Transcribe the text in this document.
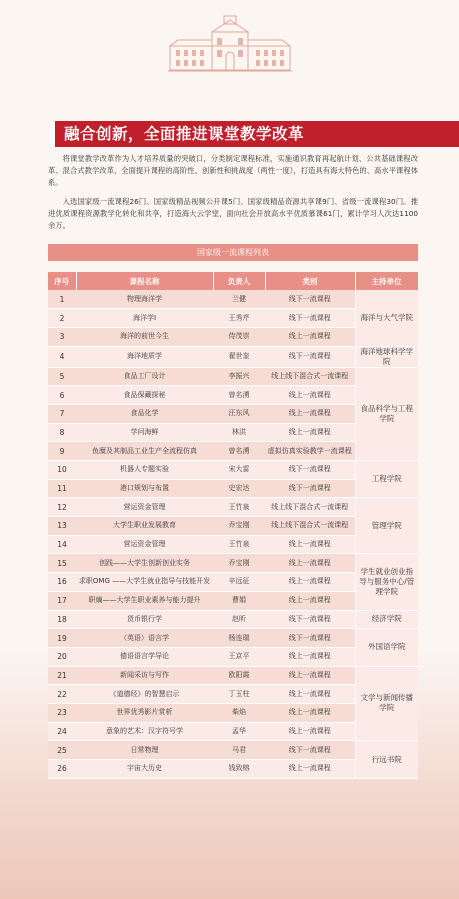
融合创新，全面推进课堂教学改革

将课堂教学改革作为人才培养质量的突破口，分类制定课程标准，实施通识教育再起航计划、公共基础课程改革、混合式教学改革，全面提升课程的高阶性、创新性和挑战度（两性一度），打造具有海大特色的、高水平课程体系。

入选国家级一流课程26门、国家级精品视频公开课5门、国家级精品资源共享课9门、省级一流课程30门。推进优质课程资源教学化转化和共享，打造海大云学堂，面向社会开放高水平优质慕课61门，累计学习人次达1100余万。

国家级一流课程列表
序号	课程名称	负责人	类别	主持单位
1	物理海洋学	兰健	线下一流课程	海洋与大气学院
2	海洋学I	王秀芹	线下一流课程	
3	海洋的前世今生	侍茂崇	线上一流课程	
4	海洋地质学	翟世奎	线下一流课程	海洋地球科学学院
5	食品工厂设计	李振兴	线上线下混合式一流课程	食品科学与工程学院
6	食品保藏探秘	曾名湧	线上一流课程	
7	食品化学	汪东风	线上一流课程	
8	学问海鲜	林洪	线上一流课程	
9	鱼糜及其制品工业生产全流程仿真	曾名湧	虚拟仿真实验教学一流课程	
10	机器人专题实验	宋大雷	线下一流课程	工程学院
11	港口规划与布置	史宏达	线下一流课程	
12	营运资金管理	王竹泉	线上线下混合式一流课程	管理学院
13	大学生职业发展教育	乔宝刚	线上线下混合式一流课程	
14	营运资金管理	王竹泉	线上一流课程	
15	创践——大学生创新创业实务	乔宝刚	线上一流课程	学生就业创业指导与服务中心/管理学院
16	求职OMG ——大学生就业指导与技能开发	辛远征	线上一流课程	
17	职熵——大学生职业素养与能力提升	曹娟	线上一流课程	
18	货币银行学	赵昕	线下一流课程	经济学院
19	（英语）语言学	杨连瑞	线下一流课程	外国语学院
20	德语语言学导论	王京平	线上一流课程	
21	新闻采访与写作	欧阳霞	线上一流课程	文学与新闻传播学院
22	《道德经》的智慧启示	丁玉柱	线上一流课程	
23	世界优秀影片赏析	柴焰	线上一流课程	
24	意象的艺术：汉字符号学	孟华	线上一流课程	
25	日常物理	马君	线下一流课程	行远书院
26	宇宙大历史	钱致榕	线上一流课程	
